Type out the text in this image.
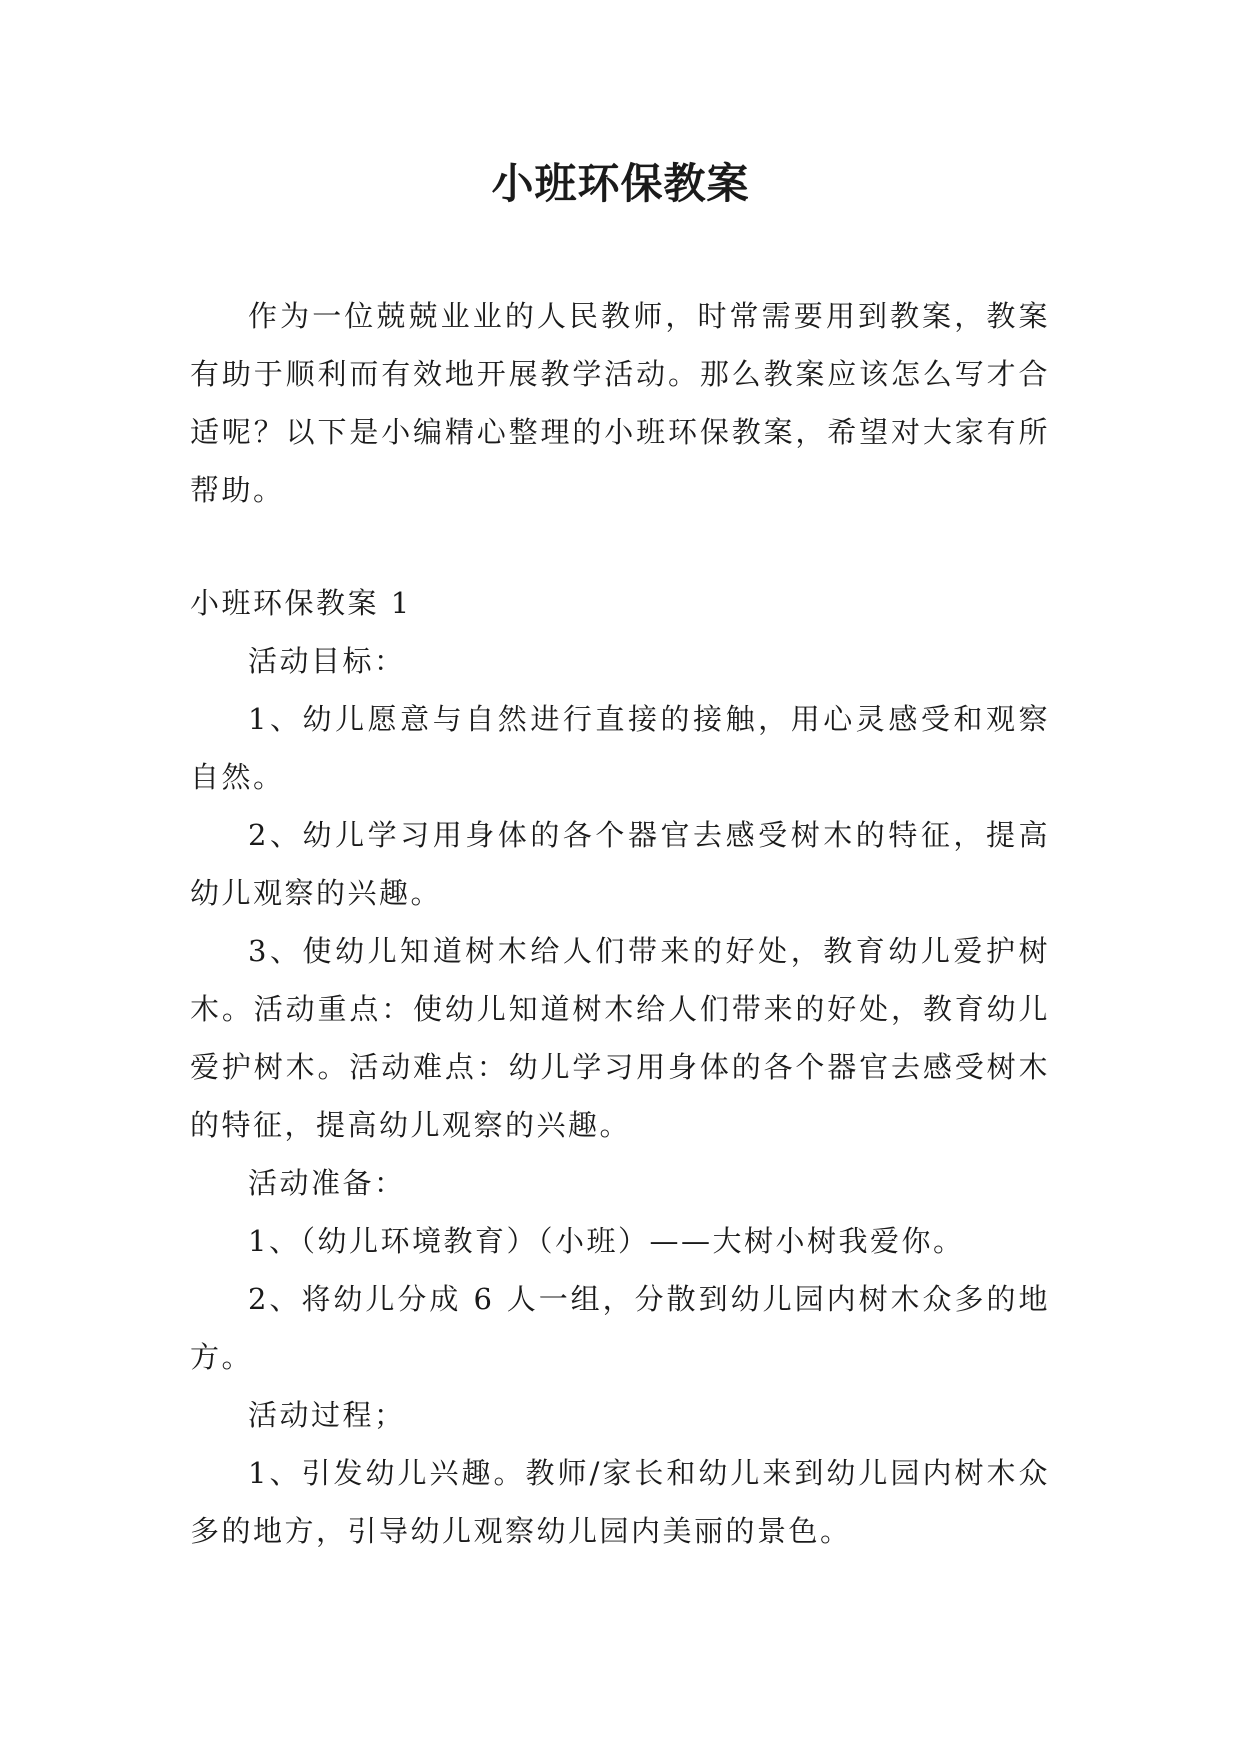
小班环保教案

作为一位兢兢业业的人民教师，时常需要用到教案，教案有助于顺利而有效地开展教学活动。那么教案应该怎么写才合适呢？以下是小编精心整理的小班环保教案，希望对大家有所帮助。

小班环保教案 1

活动目标：

1、幼儿愿意与自然进行直接的接触，用心灵感受和观察自然。

2、幼儿学习用身体的各个器官去感受树木的特征，提高幼儿观察的兴趣。

3、使幼儿知道树木给人们带来的好处，教育幼儿爱护树木。活动重点：使幼儿知道树木给人们带来的好处，教育幼儿爱护树木。活动难点：幼儿学习用身体的各个器官去感受树木的特征，提高幼儿观察的兴趣。

活动准备：

1、（幼儿环境教育）（小班）——大树小树我爱你。

2、将幼儿分成 6 人一组，分散到幼儿园内树木众多的地方。

活动过程；

1、引发幼儿兴趣。教师/家长和幼儿来到幼儿园内树木众多的地方，引导幼儿观察幼儿园内美丽的景色。
